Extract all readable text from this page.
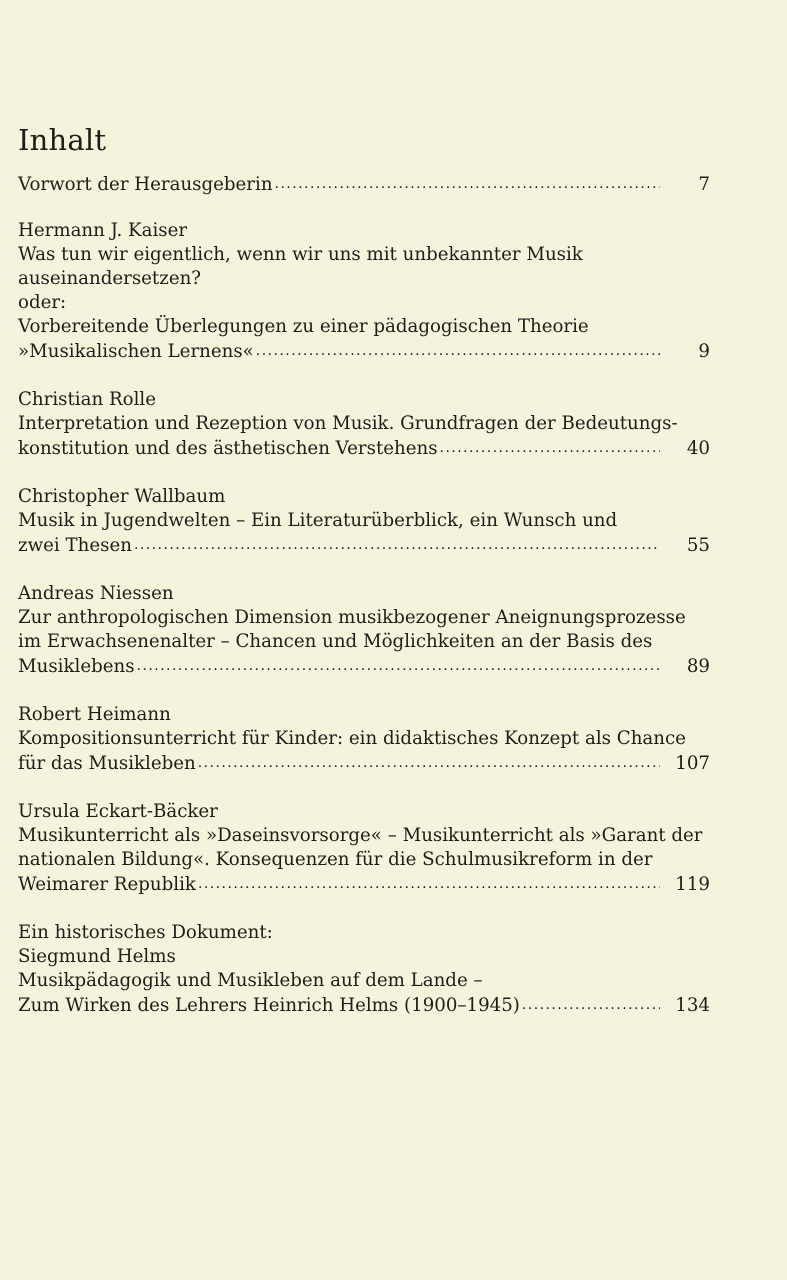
Inhalt
Vorwort der Herausgeberin . . .	7
Hermann J. Kaiser
Was tun wir eigentlich, wenn wir uns mit unbekannter Musik
auseinandersetzen?
oder:
Vorbereitende Überlegungen zu einer pädagogischen Theorie
»Musikalischen Lernens« . . .	9
Christian Rolle
Interpretation und Rezeption von Musik. Grundfragen der Bedeutungs-
konstitution und des ästhetischen Verstehens . . .	40
Christopher Wallbaum
Musik in Jugendwelten – Ein Literaturüberblick, ein Wunsch und
zwei Thesen . . .	55
Andreas Niessen
Zur anthropologischen Dimension musikbezogener Aneignungsprozesse
im Erwachsenenalter – Chancen und Möglichkeiten an der Basis des
Musiklebens . . .	89
Robert Heimann
Kompositionsunterricht für Kinder: ein didaktisches Konzept als Chance
für das Musikleben . . .	107
Ursula Eckart-Bäcker
Musikunterricht als »Daseinsvorsorge« – Musikunterricht als »Garant der
nationalen Bildung«. Konsequenzen für die Schulmusikreform in der
Weimarer Republik . . .	119
Ein historisches Dokument:
Siegmund Helms
Musikpädagogik und Musikleben auf dem Lande –
Zum Wirken des Lehrers Heinrich Helms (1900–1945) . . .	134
